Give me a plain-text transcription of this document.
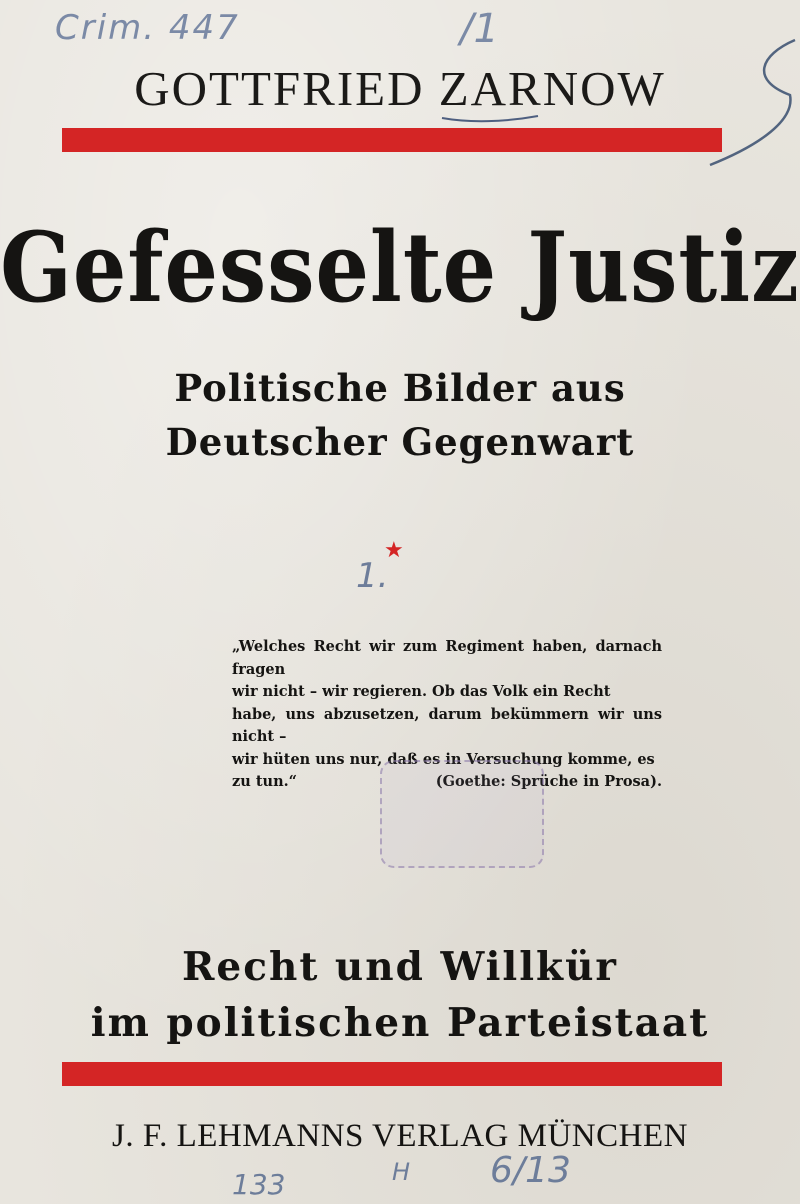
Crim. 447	/1
GOTTFRIED ZARNOW
Gefesselte Justiz
Politische Bilder aus
Deutscher Gegenwart
★
1.
„Welches Recht wir zum Regiment haben, darnach fragen
wir nicht – wir regieren. Ob das Volk ein Recht
habe, uns abzusetzen, darum bekümmern wir uns nicht –
wir hüten uns nur, daß es in Versuchung komme, es
zu tun.“	(Goethe: Sprüche in Prosa).
Recht und Willkür
im politischen Parteistaat
J. F. LEHMANNS VERLAG MÜNCHEN
133	H 6/13
